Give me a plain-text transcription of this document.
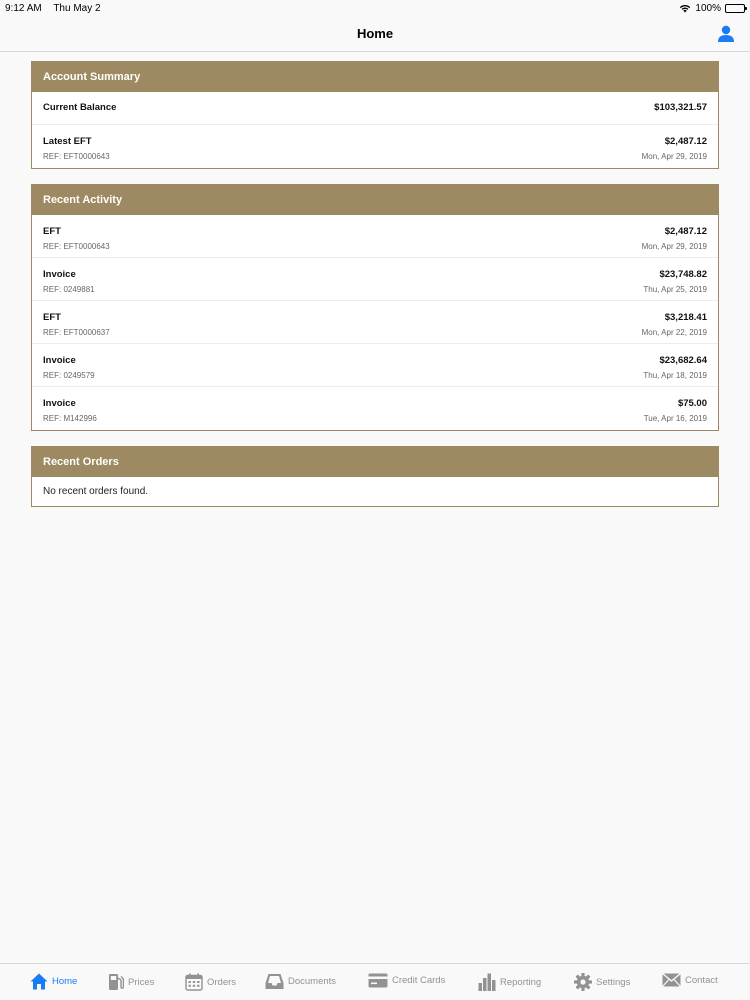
9:12 AM Thu May 2	100%
Home
Account Summary
Current Balance	$103,321.57
Latest EFT	$2,487.12
REF: EFT0000643	Mon, Apr 29, 2019
Recent Activity
EFT	$2,487.12
REF: EFT0000643	Mon, Apr 29, 2019
Invoice	$23,748.82
REF: 0249881	Thu, Apr 25, 2019
EFT	$3,218.41
REF: EFT0000637	Mon, Apr 22, 2019
Invoice	$23,682.64
REF: 0249579	Thu, Apr 18, 2019
Invoice	$75.00
REF: M142996	Tue, Apr 16, 2019
Recent Orders
No recent orders found.
Home	Prices	Orders	Documents	Credit Cards	Reporting	Settings	Contact
